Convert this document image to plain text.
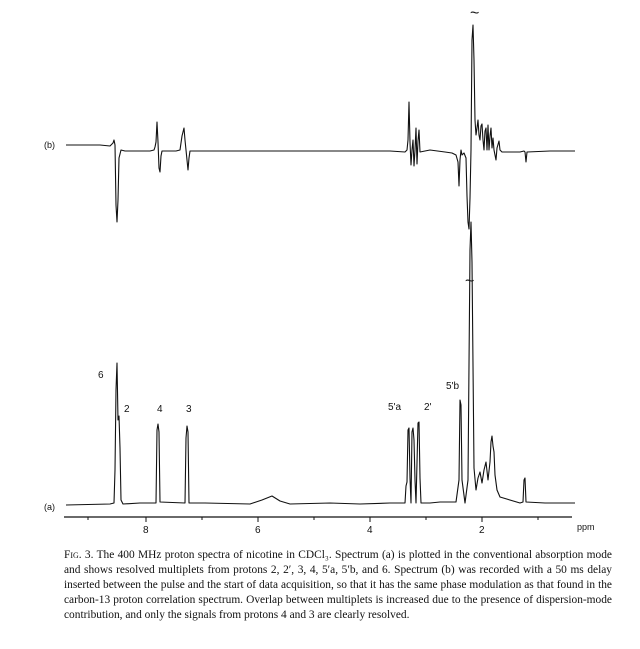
(b)
(a)
~
~
6
2	4 3	5'a 2'
5'b
8	6	4	2	ppm
Fig. 3. The 400 MHz proton spectra of nicotine in CDCl₃. Spectrum (a) is plotted in the conventional absorption mode and shows resolved multiplets from protons 2, 2′, 3, 4, 5′a, 5′b, and 6. Spectrum (b) was recorded with a 50 ms delay inserted between the pulse and the start of data acquisition, so that it has the same phase modulation as that found in the carbon-13 proton correlation spectrum. Overlap between multiplets is increased due to the presence of dispersion-mode contribution, and only the signals from protons 4 and 3 are clearly resolved.
